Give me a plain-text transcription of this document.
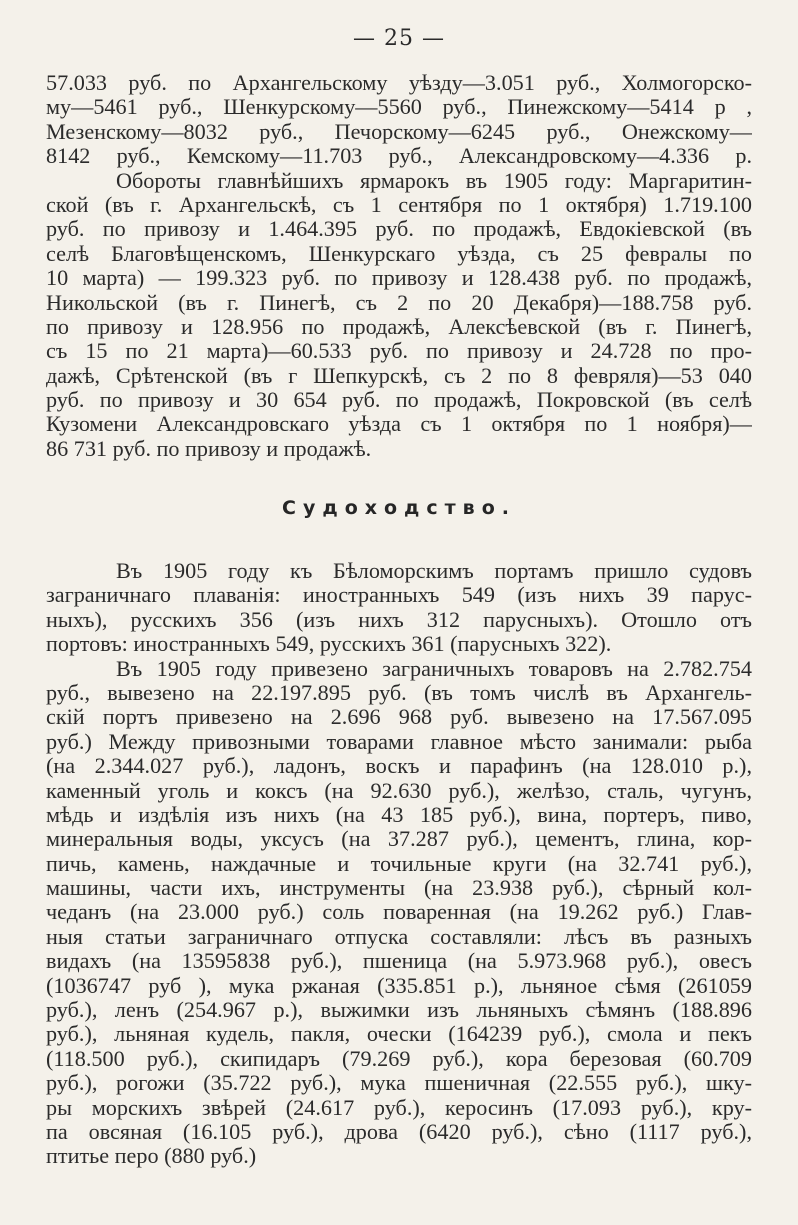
— 25 —
57.033 руб. по Архангельскому уѣзду—3.051 руб., Холмогорско-
му—5461 руб., Шенкурскому—5560 руб., Пинежскому—5414 р ,
Мезенскому—8032 руб., Печорскому—6245 руб., Онежскому—
8142 руб., Кемскому—11.703 руб., Александровскому—4.336 р.
Обороты главнѣйшихъ ярмарокъ въ 1905 году: Маргаритин-
ской (въ г. Архангельскѣ, съ 1 сентября по 1 октября) 1.719.100
руб. по привозу и 1.464.395 руб. по продажѣ, Евдокіевской (въ
селѣ Благовѣщенскомъ, Шенкурскаго уѣзда, съ 25 февралы по
10 марта) — 199.323 руб. по привозу и 128.438 руб. по продажѣ,
Никольской (въ г. Пинегѣ, съ 2 по 20 Декабря)—188.758 руб.
по привозу и 128.956 по продажѣ, Алексѣевской (въ г. Пинегѣ,
съ 15 по 21 марта)—60.533 руб. по привозу и 24.728 по про-
дажѣ, Срѣтенской (въ г Шепкурскѣ, съ 2 по 8 февряля)—53 040
руб. по привозу и 30 654 руб. по продажѣ, Покровской (въ селѣ
Кузомени Александровскаго уѣзда съ 1 октября по 1 ноября)—
86 731 руб. по привозу и продажѣ.
Судоходство.
Въ 1905 году къ Бѣломорскимъ портамъ пришло судовъ
заграничнаго плаванія: иностранныхъ 549 (изъ нихъ 39 парус-
ныхъ), русскихъ 356 (изъ нихъ 312 парусныхъ). Отошло отъ
портовъ: иностранныхъ 549, русскихъ 361 (парусныхъ 322).
Въ 1905 году привезено заграничныхъ товаровъ на 2.782.754
руб., вывезено на 22.197.895 руб. (въ томъ числѣ въ Архангель-
скій портъ привезено на 2.696 968 руб. вывезено на 17.567.095
руб.) Между привозными товарами главное мѣсто занимали: рыба
(на 2.344.027 руб.), ладонъ, воскъ и парафинъ (на 128.010 р.),
каменный уголь и коксъ (на 92.630 руб.), желѣзо, сталь, чугунъ,
мѣдь и издѣлія изъ нихъ (на 43 185 руб.), вина, портеръ, пиво,
минеральныя воды, уксусъ (на 37.287 руб.), цементъ, глина, кор-
пичь, камень, наждачные и точильные круги (на 32.741 руб.),
машины, части ихъ, инструменты (на 23.938 руб.), сѣрный кол-
чеданъ (на 23.000 руб.) соль поваренная (на 19.262 руб.) Глав-
ныя статьи заграничнаго отпуска составляли: лѣсъ въ разныхъ
видахъ (на 13595838 руб.), пшеница (на 5.973.968 руб.), овесъ
(1036747 руб ), мука ржаная (335.851 р.), льняное сѣмя (261059
руб.), ленъ (254.967 р.), выжимки изъ льняныхъ сѣмянъ (188.896
руб.), льняная кудель, пакля, очески (164239 руб.), смола и пекъ
(118.500 руб.), скипидаръ (79.269 руб.), кора березовая (60.709
руб.), рогожи (35.722 руб.), мука пшеничная (22.555 руб.), шку-
ры морскихъ звѣрей (24.617 руб.), керосинъ (17.093 руб.), кру-
па овсяная (16.105 руб.), дрова (6420 руб.), сѣно (1117 руб.),
птитье перо (880 руб.)
